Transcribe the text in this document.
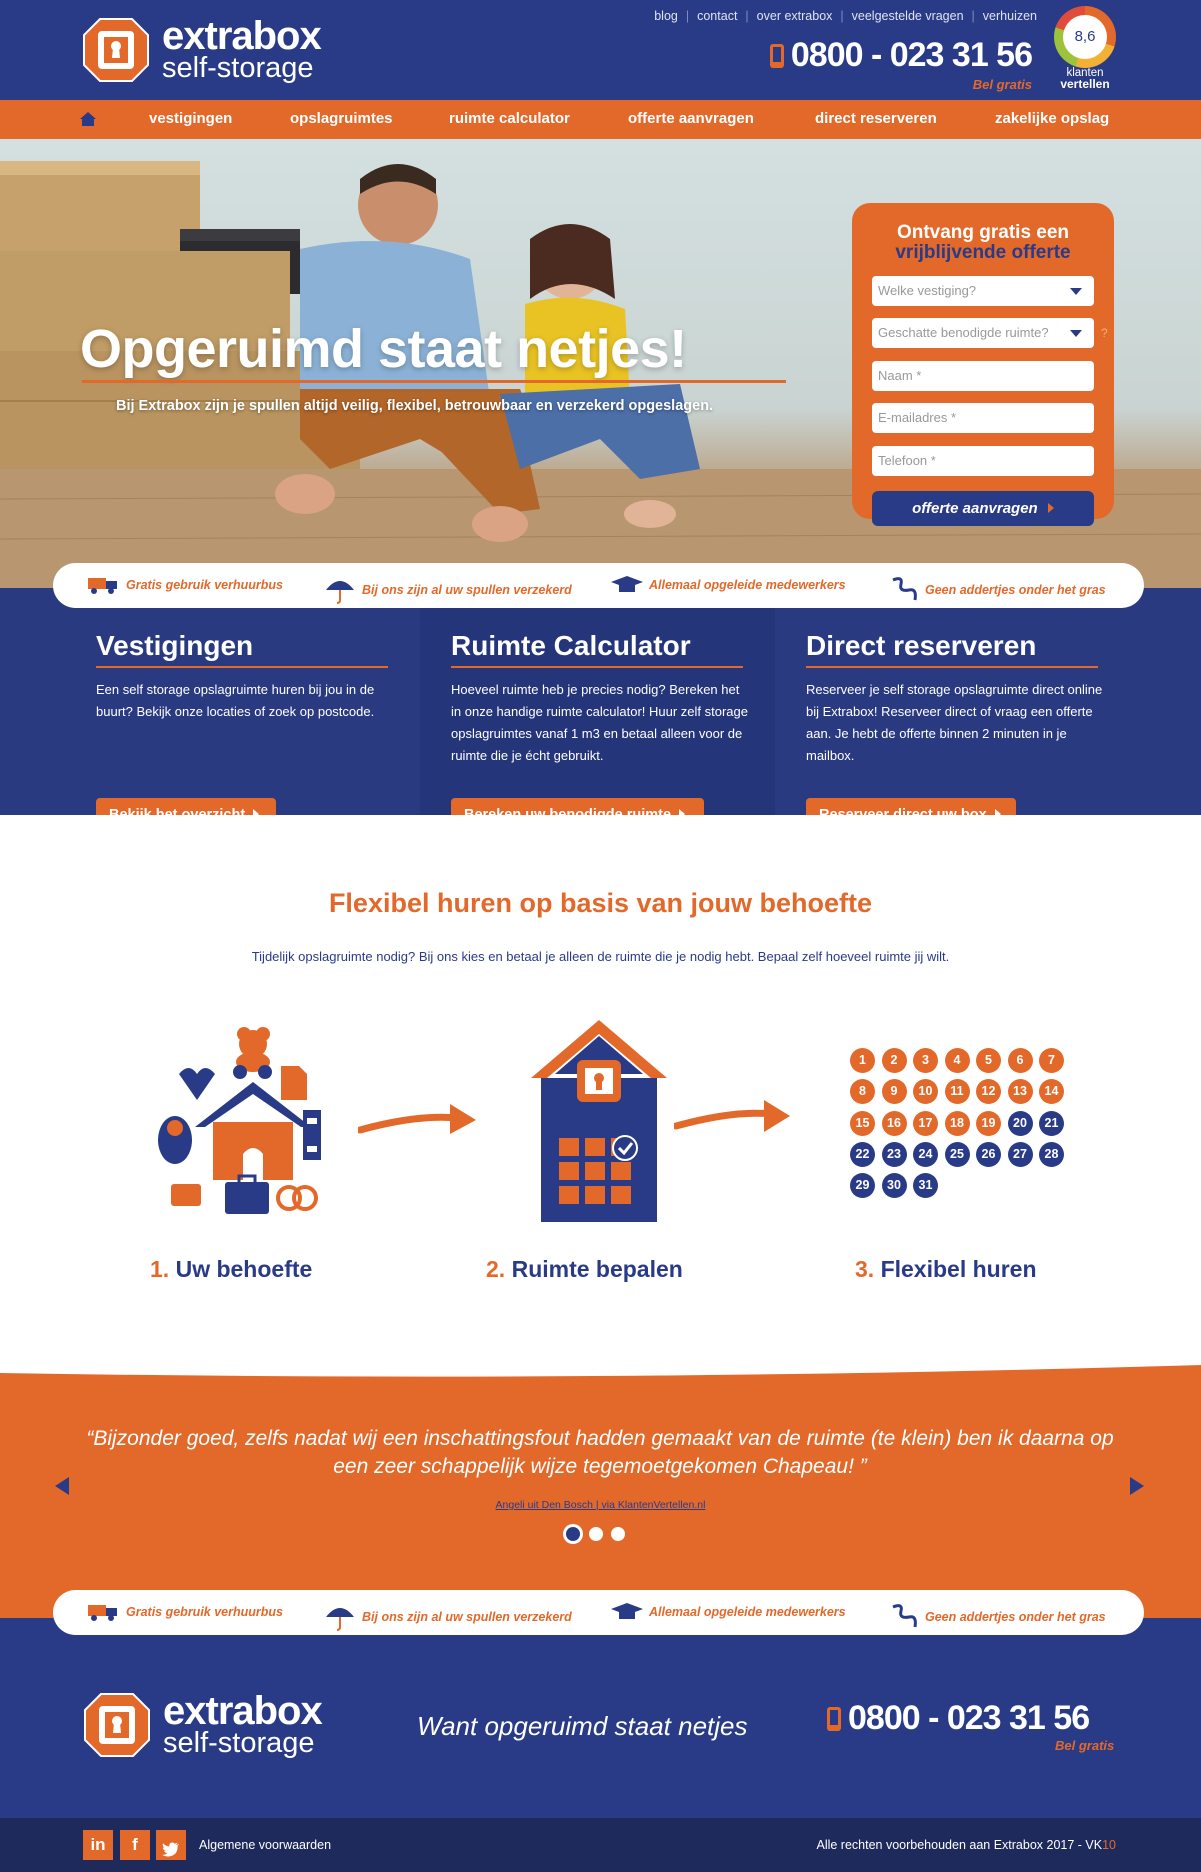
extrabox
self-storage
blog | contact | over extrabox | veelgestelde vragen | verhuizen
0800 - 023 31 56
Bel gratis
8,6
klanten
vertellen
vestigingen	opslagruimtes	ruimte calculator	offerte aanvragen	direct reserveren	zakelijke opslag
Opgeruimd staat netjes!
Bij Extrabox zijn je spullen altijd veilig, flexibel, betrouwbaar en verzekerd opgeslagen.
Ontvang gratis een
vrijblijvende offerte
Welke vestiging?
Geschatte benodigde ruimte?	?
Naam *
E-mailadres *
Telefoon *
offerte aanvragen
Gratis gebruik verhuurbus	Bij ons zijn al uw spullen verzekerd	Allemaal opgeleide medewerkers	Geen addertjes onder het gras
Vestigingen
Een self storage opslagruimte huren bij jou in de buurt? Bekijk onze locaties of zoek op postcode.
Ruimte Calculator
Hoeveel ruimte heb je precies nodig? Bereken het in onze handige ruimte calculator! Huur zelf storage opslagruimtes vanaf 1 m3 en betaal alleen voor de ruimte die je écht gebruikt.
Direct reserveren
Reserveer je self storage opslagruimte direct online bij Extrabox! Reserveer direct of vraag een offerte aan. Je hebt de offerte binnen 2 minuten in je mailbox.
Flexibel huren op basis van jouw behoefte
Tijdelijk opslagruimte nodig? Bij ons kies en betaal je alleen de ruimte die je nodig hebt. Bepaal zelf hoeveel ruimte jij wilt.
1	2	3	4	5	6	7
8	9	10	11	12	13	14
15	16	17	18	19	20	21
22	23	24	25	26	27	28
29	30	31
1. Uw behoefte	2. Ruimte bepalen	3. Flexibel huren
“Bijzonder goed, zelfs nadat wij een inschattingsfout hadden gemaakt van de ruimte (te klein) ben ik daarna op een zeer schappelijk wijze tegemoetgekomen Chapeau! ”
Angeli uit Den Bosch | via KlantenVertellen.nl
Gratis gebruik verhuurbus	Bij ons zijn al uw spullen verzekerd	Allemaal opgeleide medewerkers	Geen addertjes onder het gras
extrabox
self-storage
Want opgeruimd staat netjes	0800 - 023 31 56
Bel gratis
in	f	Algemene voorwaarden	Alle rechten voorbehouden aan Extrabox 2017 - VK10
